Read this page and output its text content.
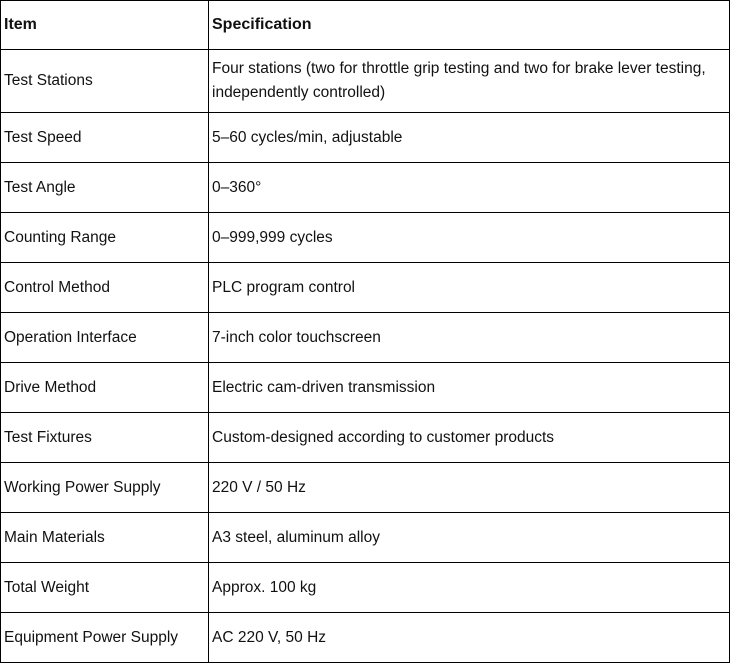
Item	Specification
Test Stations	Four stations (two for throttle grip testing and two for brake lever testing, independently controlled)
Test Speed	5–60 cycles/min, adjustable
Test Angle	0–360°
Counting Range	0–999,999 cycles
Control Method	PLC program control
Operation Interface	7-inch color touchscreen
Drive Method	Electric cam-driven transmission
Test Fixtures	Custom-designed according to customer products
Working Power Supply	220 V / 50 Hz
Main Materials	A3 steel, aluminum alloy
Total Weight	Approx. 100 kg
Equipment Power Supply	AC 220 V, 50 Hz
